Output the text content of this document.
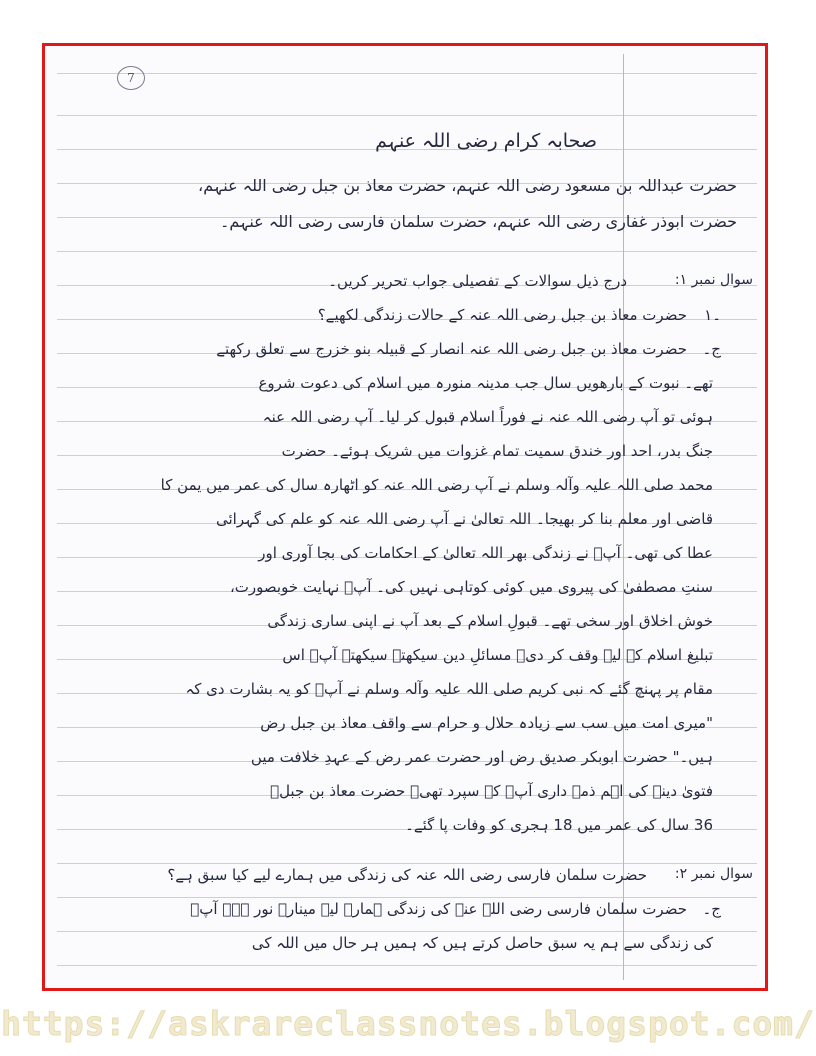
https://askrareclassnotes.blogspot.com/
7
صحابہ کرام رضی اللہ عنہم
حضرت عبداللہ بن مسعود رضی اللہ عنہم، حضرت معاذ بن جبل رضی اللہ عنہم،
حضرت ابوذر غفاری رضی اللہ عنہم، حضرت سلمان فارسی رضی اللہ عنہم۔
سوال نمبر ۱:
درج ذیل سوالات کے تفصیلی جواب تحریر کریں۔
۱۔
حضرت معاذ بن جبل رضی اللہ عنہ کے حالات زندگی لکھیے؟
ج۔
حضرت معاذ بن جبل رضی اللہ عنہ انصار کے قبیلہ بنو خزرج سے تعلق رکھتے
تھے۔ نبوت کے بارھویں سال جب مدینہ منورہ میں اسلام کی دعوت شروع
ہوئی تو آپ رضی اللہ عنہ نے فوراً اسلام قبول کر لیا۔ آپ رضی اللہ عنہ
جنگ بدر، احد اور خندق سمیت تمام غزوات میں شریک ہوئے۔ حضرت
محمد صلی اللہ علیہ وآلہ وسلم نے آپ رضی اللہ عنہ کو اٹھارہ سال کی عمر میں یمن کا
قاضی اور معلم بنا کر بھیجا۔ اللہ تعالیٰ نے آپ رضی اللہ عنہ کو علم کی گہرائی
عطا کی تھی۔ آپؓ نے زندگی بھر اللہ تعالیٰ کے احکامات کی بجا آوری اور
سنتِ مصطفیٰ کی پیروی میں کوئی کوتاہی نہیں کی۔ آپؓ نہایت خوبصورت،
خوش اخلاق اور سخی تھے۔ قبولِ اسلام کے بعد آپ نے اپنی ساری زندگی
تبلیغ اسلام کے لیے وقف کر دی۔ مسائلِ دین سیکھتے سیکھتے آپؓ اس
مقام پر پہنچ گئے کہ نبی کریم صلی اللہ علیہ وآلہ وسلم نے آپؓ کو یہ بشارت دی کہ
"میری امت میں سب سے زیادہ حلال و حرام سے واقف معاذ بن جبل رض
ہیں۔" حضرت ابوبکر صدیق رض اور حضرت عمر رض کے عہدِ خلافت میں
فتویٰ دینے کی اہم ذمہ داری آپؓ کے سپرد تھی۔ حضرت معاذ بن جبلؓ
36 سال کی عمر میں 18 ہجری کو وفات پا گئے۔
سوال نمبر ۲:
حضرت سلمان فارسی رضی اللہ عنہ کی زندگی میں ہمارے لیے کیا سبق ہے؟
ج۔
حضرت سلمان فارسی رضی اللہ عنہ کی زندگی ہمارے لیے مینارہ نور ہے۔ آپؓ
کی زندگی سے ہم یہ سبق حاصل کرتے ہیں کہ ہمیں ہر حال میں اللہ کی
